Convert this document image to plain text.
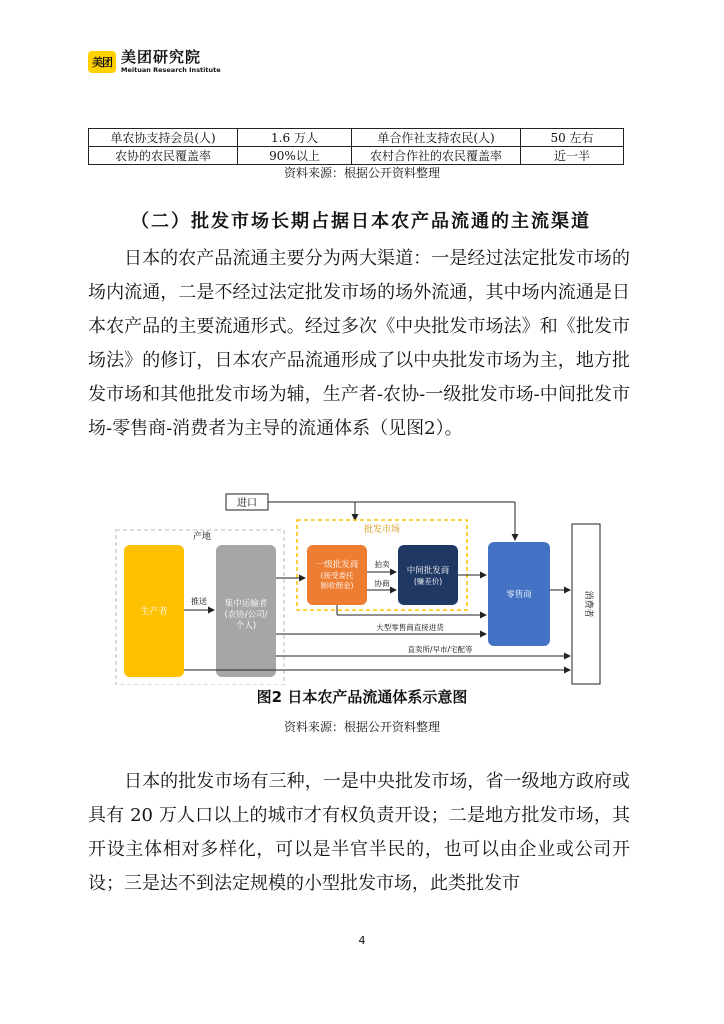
美团 美团研究院
Meituan Research Institute
单农协支持会员(人)	1.6 万人	单合作社支持农民(人)	50 左右
农协的农民覆盖率	90%以上	农村合作社的农民覆盖率	近一半
资料来源：根据公开资料整理
（二）批发市场长期占据日本农产品流通的主流渠道

日本的农产品流通主要分为两大渠道：一是经过法定批发市场的场内流通，二是不经过法定批发市场的场外流通，其中场内流通是日本农产品的主要流通形式。经过多次《中央批发市场法》和《批发市场法》的修订，日本农产品流通形成了以中央批发市场为主，地方批发市场和其他批发市场为辅，生产者-农协-一级批发市场-中间批发市场-零售商-消费者为主导的流通体系（见图2）。

进口
产地
批发市场
生产者
集中运输者
(农协/公司/
个人)
推送
一级批发商
(接受委托
制收佣金)
中间批发商
(赚差价)
拍卖
协商
零售商	消费者
大型零售商直接进货
直卖所/早市/宅配等
图2 日本农产品流通体系示意图
资料来源：根据公开资料整理

日本的批发市场有三种，一是中央批发市场，省一级地方政府或具有 20 万人口以上的城市才有权负责开设；二是地方批发市场，其开设主体相对多样化，可以是半官半民的，也可以由企业或公司开设；三是达不到法定规模的小型批发市场，此类批发市

4
